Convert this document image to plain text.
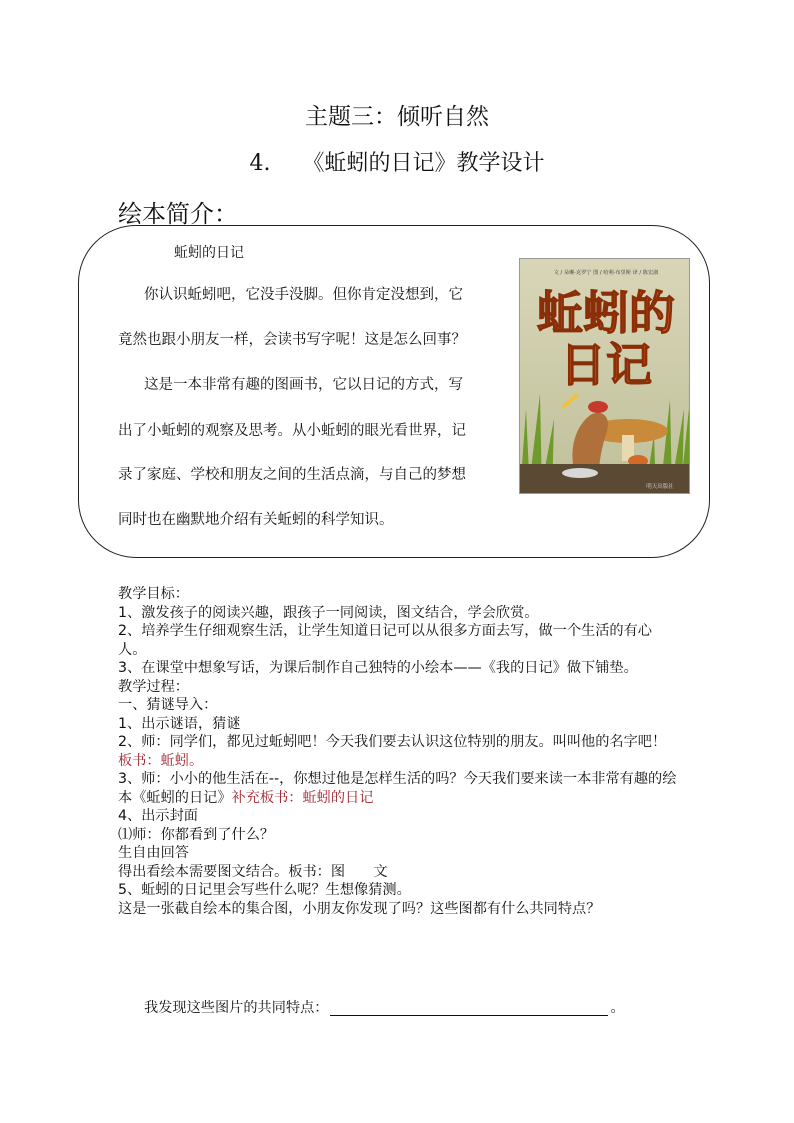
主题三：倾听自然
4. 《蚯蚓的日记》教学设计
绘本简介：
蚯蚓的日记
你认识蚯蚓吧，它没手没脚。但你肯定没想到，它
竟然也跟小朋友一样，会读书写字呢！这是怎么回事？
这是一本非常有趣的图画书，它以日记的方式，写
出了小蚯蚓的观察及思考。从小蚯蚓的眼光看世界，记
录了家庭、学校和朋友之间的生活点滴，与自己的梦想
同时也在幽默地介绍有关蚯蚓的科学知识。
文 / 朵琳·克罗宁 图 / 哈利·布里斯 译 / 陈宏淑
蚯蚓的
日记
明天出版社

教学目标：

1、激发孩子的阅读兴趣，跟孩子一同阅读，图文结合，学会欣赏。

2、培养学生仔细观察生活，让学生知道日记可以从很多方面去写，做一个生活的有心人。

3、在课堂中想象写话，为课后制作自己独特的小绘本——《我的日记》做下铺垫。

教学过程：

一、猜谜导入：

1、出示谜语，猜谜

2、师：同学们，都见过蚯蚓吧！今天我们要去认识这位特别的朋友。叫叫他的名字吧！板书：蚯蚓。

3、师：小小的他生活在--，你想过他是怎样生活的吗？今天我们要来读一本非常有趣的绘本《蚯蚓的日记》补充板书：蚯蚓的日记

4、出示封面

⑴师：你都看到了什么？

生自由回答

得出看绘本需要图文结合。板书：图　　文

5、蚯蚓的日记里会写些什么呢？生想像猜测。

这是一张截自绘本的集合图，小朋友你发现了吗？这些图都有什么共同特点？

我发现这些图片的共同特点：	。
